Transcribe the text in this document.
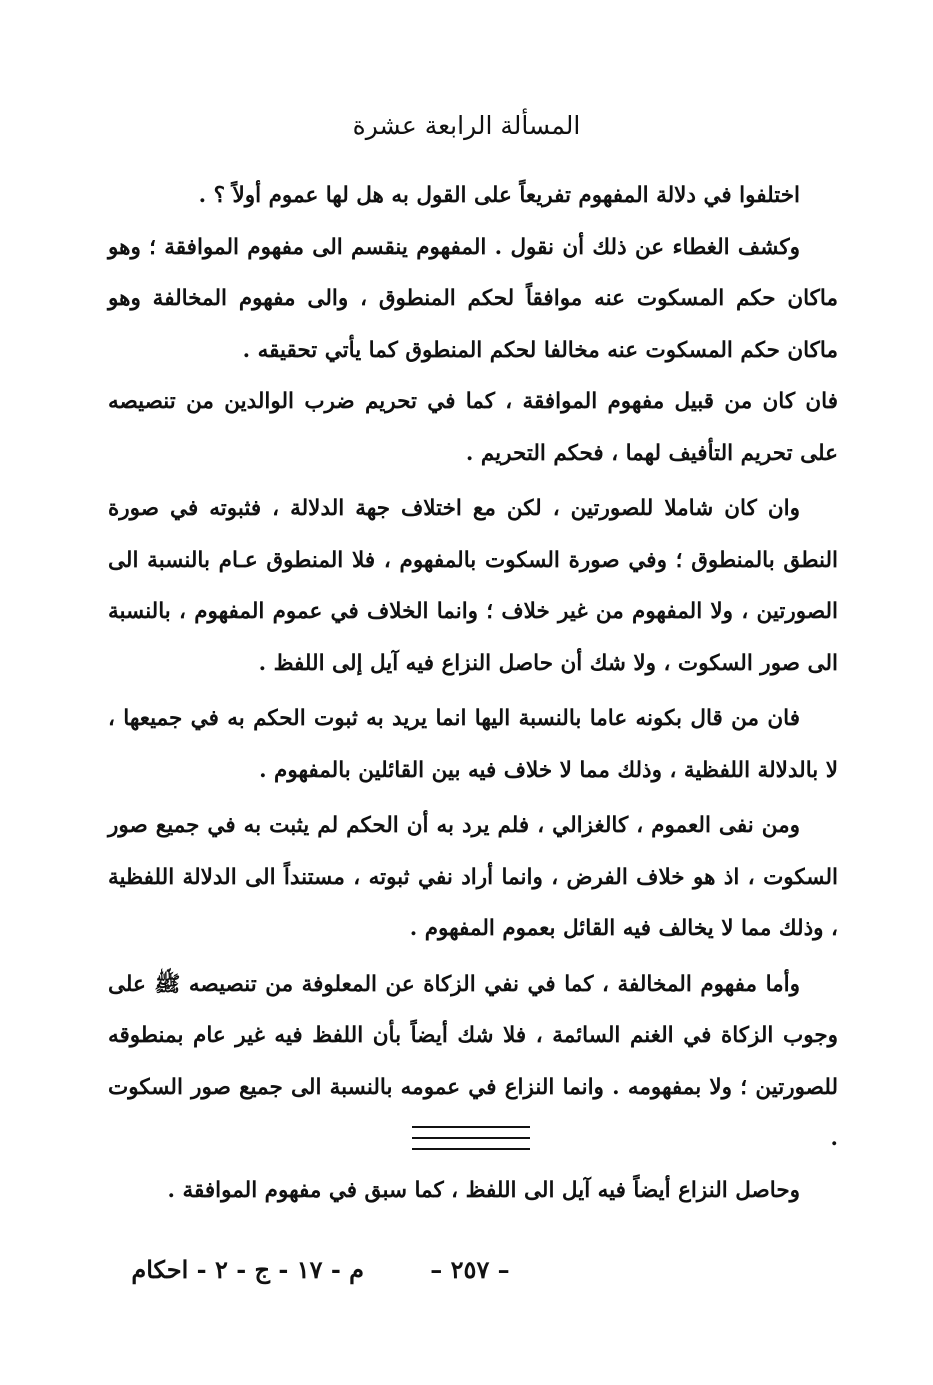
المسألة الرابعة عشرة

اختلفوا في دلالة المفهوم تفريعاً على القول به هل لها عموم أولاً ؟ .

وكشف الغطاء عن ذلك أن نقول . المفهوم ينقسم الى مفهوم الموافقة ؛ وهو ماكان حكم المسكوت عنه موافقاً لحكم المنطوق ، والى مفهوم المخالفة وهو ماكان حكم المسكوت عنه مخالفا لحكم المنطوق كما يأتي تحقيقه .

فان كان من قبيل مفهوم الموافقة ، كما في تحريم ضرب الوالدين من تنصيصه على تحريم التأفيف لهما ، فحكم التحريم .

وان كان شاملا للصورتين ، لكن مع اختلاف جهة الدلالة ، فثبوته في صورة النطق بالمنطوق ؛ وفي صورة السكوت بالمفهوم ، فلا المنطوق عـام بالنسبة الى الصورتين ، ولا المفهوم من غير خلاف ؛ وانما الخلاف في عموم المفهوم ، بالنسبة الى صور السكوت ، ولا شك أن حاصل النزاع فيه آيل إلى اللفظ .

فان من قال بكونه عاما بالنسبة اليها انما يريد به ثبوت الحكم به في جميعها ، لا بالدلالة اللفظية ، وذلك مما لا خلاف فيه بين القائلين بالمفهوم .

ومن نفى العموم ، كالغزالي ، فلم يرد به أن الحكم لم يثبت به في جميع صور السكوت ، اذ هو خلاف الفرض ، وانما أراد نفي ثبوته ، مستنداً الى الدلالة اللفظية ، وذلك مما لا يخالف فيه القائل بعموم المفهوم .

وأما مفهوم المخالفة ، كما في نفي الزكاة عن المعلوفة من تنصيصه ﷺ على وجوب الزكاة في الغنم السائمة ، فلا شك أيضاً بأن اللفظ فيه غير عام بمنطوقه للصورتين ؛ ولا بمفهومه . وانما النزاع في عمومه بالنسبة الى جميع صور السكوت .

وحاصل النزاع أيضاً فيه آيل الى اللفظ ، كما سبق في مفهوم الموافقة .

– ٢٥٧ –
م - ١٧ - ج - ٢ - احكام
